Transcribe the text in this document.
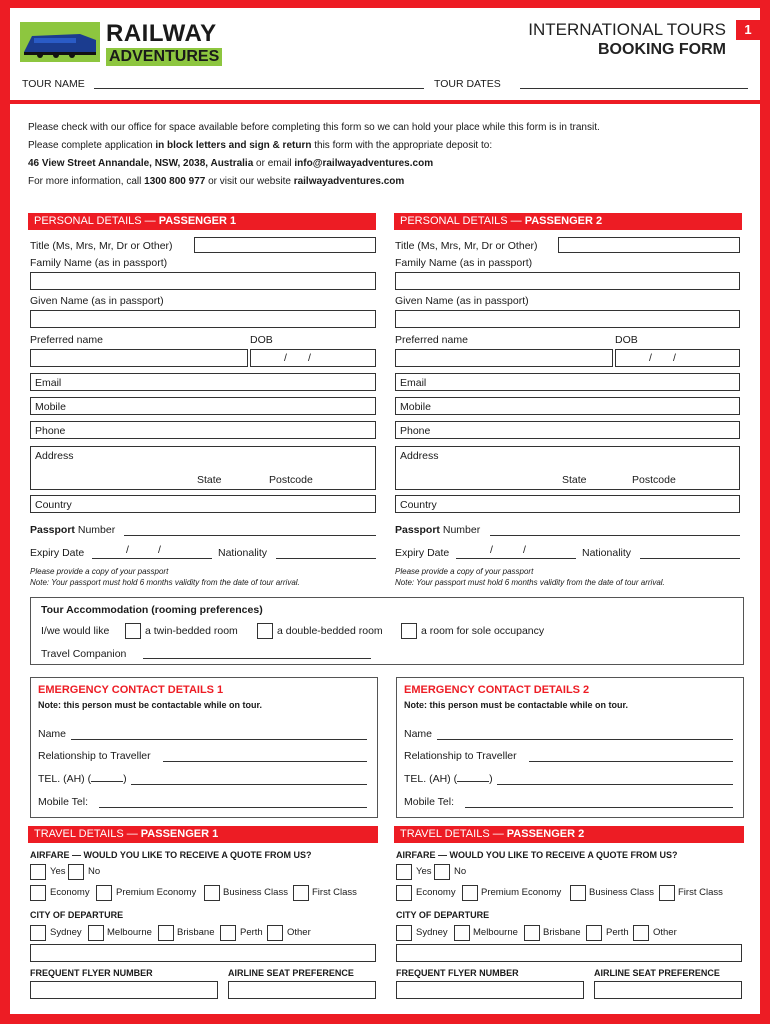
RAILWAY
ADVENTURES
INTERNATIONAL TOURS
BOOKING FORM
1
TOUR NAME	TOUR DATES
Please check with our office for space available before completing this form so we can hold your place while this form is in transit.
Please complete application in block letters and sign & return this form with the appropriate deposit to:
46 View Street Annandale, NSW, 2038, Australia or email info@railwayadventures.com
For more information, call 1300 800 977 or visit our website railwayadventures.com
PERSONAL DETAILS — PASSENGER 1
Title (Ms, Mrs, Mr, Dr or Other)
Family Name (as in passport)
Given Name (as in passport)
Preferred name	DOB
/ /
Email
Mobile
Phone
Address
State	Postcode
Country
Passport Number
Expiry Date	/	/	Nationality
Please provide a copy of your passport
Note: Your passport must hold 6 months validity from the date of tour arrival.
PERSONAL DETAILS — PASSENGER 2
Title (Ms, Mrs, Mr, Dr or Other)
Family Name (as in passport)
Given Name (as in passport)
Preferred name	DOB
/ /
Email
Mobile
Phone
Address
State	Postcode
Country
Passport Number
Expiry Date	/	/	Nationality
Please provide a copy of your passport
Note: Your passport must hold 6 months validity from the date of tour arrival.
Tour Accommodation (rooming preferences)
I/we would like	a twin-bedded room	a double-bedded room	a room for sole occupancy
Travel Companion
EMERGENCY CONTACT DETAILS 1
Note: this person must be contactable while on tour.
Name
Relationship to Traveller
TEL. (AH) (	)
Mobile Tel:
EMERGENCY CONTACT DETAILS 2
Note: this person must be contactable while on tour.
Name
Relationship to Traveller
TEL. (AH) (	)
Mobile Tel:
TRAVEL DETAILS — PASSENGER 1
AIRFARE — WOULD YOU LIKE TO RECEIVE A QUOTE FROM US?
Yes No
Economy	Premium Economy	Business Class	First Class
CITY OF DEPARTURE
Sydney	Melbourne	Brisbane	Perth	Other
FREQUENT FLYER NUMBER	AIRLINE SEAT PREFERENCE
TRAVEL DETAILS — PASSENGER 2
AIRFARE — WOULD YOU LIKE TO RECEIVE A QUOTE FROM US?
Yes No
Economy	Premium Economy	Business Class	First Class
CITY OF DEPARTURE
Sydney	Melbourne	Brisbane	Perth	Other
FREQUENT FLYER NUMBER	AIRLINE SEAT PREFERENCE
